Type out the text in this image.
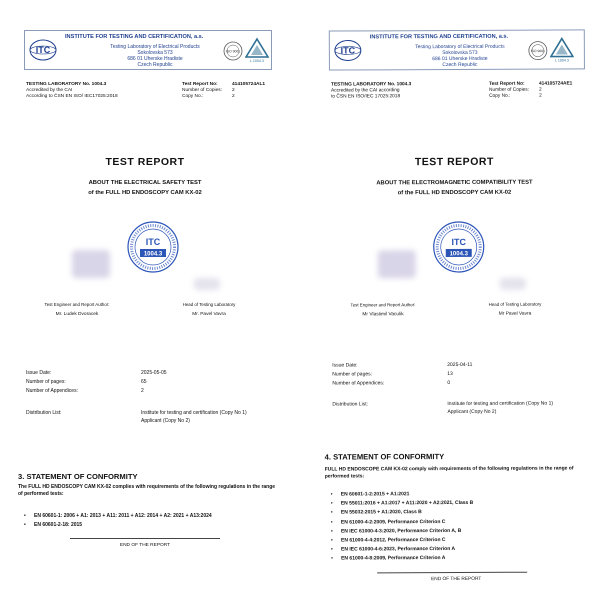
ITC
INSTITUTE FOR TESTING AND CERTIFICATION, a.s.
Testing Laboratory of Electrical Products
Sokolovska 573
686 01 Uherske Hradiste
Czech Republic
ISO 9001
L 1004.3
TESTING LABORATORY No. 1004.3
Accredited by the CAI
According to ČSN EN ISO/ IEC17025:2018
Test Report No:	414105724AL1
Number of Copies:	2
Copy No.:	2
TEST REPORT
ABOUT THE ELECTRICAL SAFETY TEST
of the FULL HD ENDOSCOPY CAM KX-02
ITC
1004.3
Test Engineer and Report Author:
Mr. Ludek Dvoracek
Head of Testing Laboratory
Mr. Pavel Vavra
Issue Date:	2025-05-05
Number of pages:	65
Number of Appendices:	2
Distribution List:	Institute for testing and certification (Copy No 1)
Applicant (Copy No 2)
3. STATEMENT OF CONFORMITY
The FULL HD ENDOSCOPY CAM KX-02 complies with requirements of the following regulations in the range of performed tests:
• EN 60601-1: 2006 + A1: 2013 + A11: 2011 + A12: 2014 + A2: 2021 + A13:2024
• EN 60601-2-18: 2015
END OF THE REPORT
ITC
INSTITUTE FOR TESTING AND CERTIFICATION, a.s.
Testing Laboratory of Electrical Products
Sokolovska 573
686 01 Uherske Hradiste
Czech Republic
ISO 9001
L 1004.3
TESTING LABORATORY No. 1004.3
Accredited by the CAI according
to ČSN EN ISO/IEC 17025:2018
Test Report No:	414105724AE1
Number of Copies:	2
Copy No.:	2
TEST REPORT
ABOUT THE ELECTROMAGNETIC COMPATIBILITY TEST
of the FULL HD ENDOSCOPY CAM KX-02
ITC
1004.3
Test Engineer and Report Author:
Mr Vlastimil Vaculik
Head of Testing Laboratory
Mr Pavel Vavra
Issue Date:	2025-04-11
Number of pages:	13
Number of Appendices:	0
Distribution List:	Institute for testing and certification (Copy No 1)
Applicant (Copy No 2)
4. STATEMENT OF CONFORMITY
FULL HD ENDOSCOPE CAM KX-02 comply with requirements of the following regulations in the range of performed tests:
• EN 60601-1-2:2015 + A1:2021
• EN 55011:2016 + A1:2017 + A11:2020 + A2:2021, Class B
• EN 55032:2015 + A1:2020, Class B
• EN 61000-4-2:2009, Performance Criterion C
• EN IEC 61000-4-3:2020, Performance Criterion A, B
• EN 61000-4-4:2012, Performance Criterion C
• EN IEC 61000-4-6:2023, Performance Criterion A
• EN 61000-4-8:2009, Performance Criterion A
END OF THE REPORT
